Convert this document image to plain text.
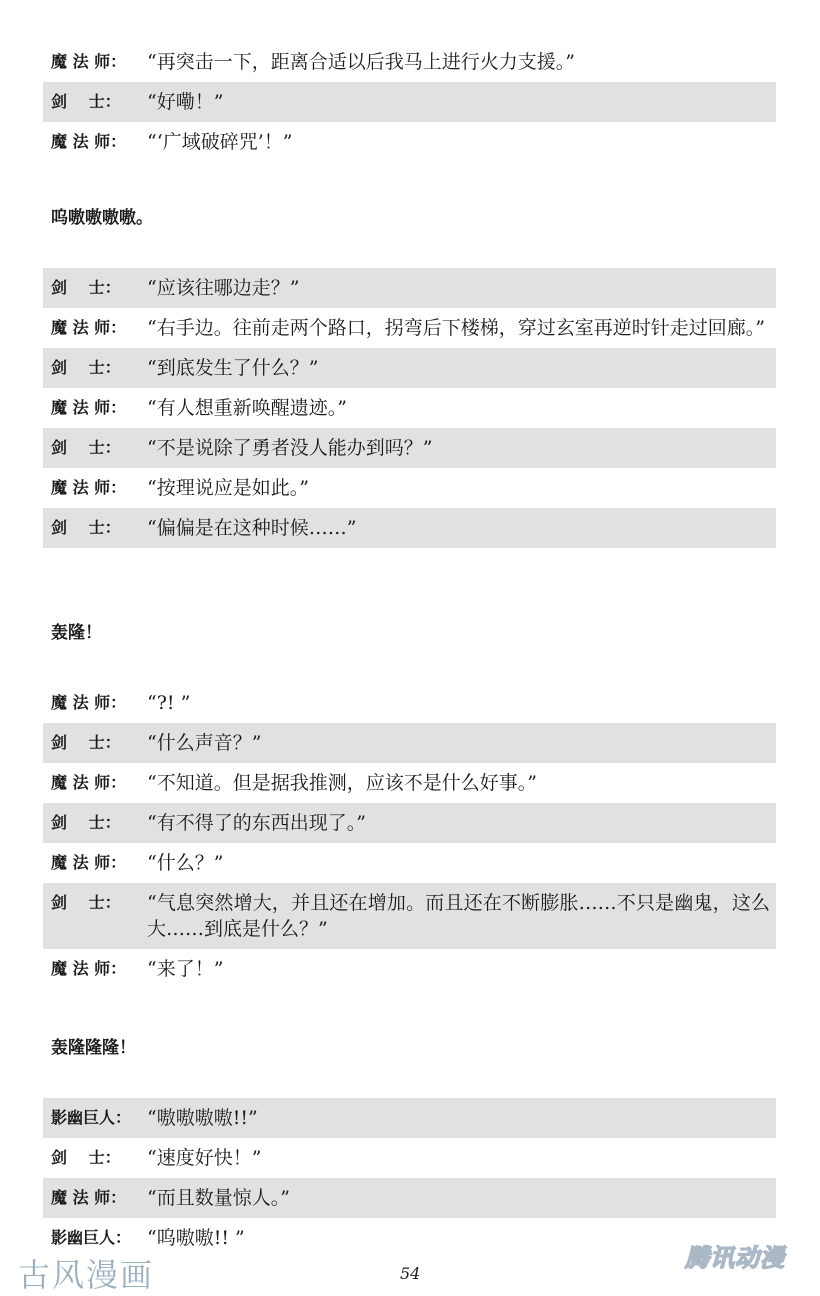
魔 法 师：	“再突击一下，距离合适以后我马上进行火力支援。”
剑　 士：	“好嘞！”
魔 法 师：	“‘广域破碎咒’！”
呜嗷嗷嗷嗷。
剑　 士：	“应该往哪边走？”
魔 法 师：	“右手边。往前走两个路口，拐弯后下楼梯，穿过玄室再逆时针走过回廊。”
剑　 士：	“到底发生了什么？”
魔 法 师：	“有人想重新唤醒遗迹。”
剑　 士：	“不是说除了勇者没人能办到吗？”
魔 法 师：	“按理说应是如此。”
剑　 士：	“偏偏是在这种时候……”
轰隆！
魔 法 师：	“?! ”
剑　 士：	“什么声音？”
魔 法 师：	“不知道。但是据我推测，应该不是什么好事。”
剑　 士：	“有不得了的东西出现了。”
魔 法 师：	“什么？”
剑　 士：	“气息突然增大，并且还在增加。而且还在不断膨胀……不只是幽鬼，这么大……到底是什么？”
魔 法 师：	“来了！”
轰隆隆隆！
影幽巨人： “嗷嗷嗷嗷!!”
剑　 士：	“速度好快！”
魔 法 师：	“而且数量惊人。”
影幽巨人： “呜嗷嗷!! ”
古风漫画	54
腾讯动漫
